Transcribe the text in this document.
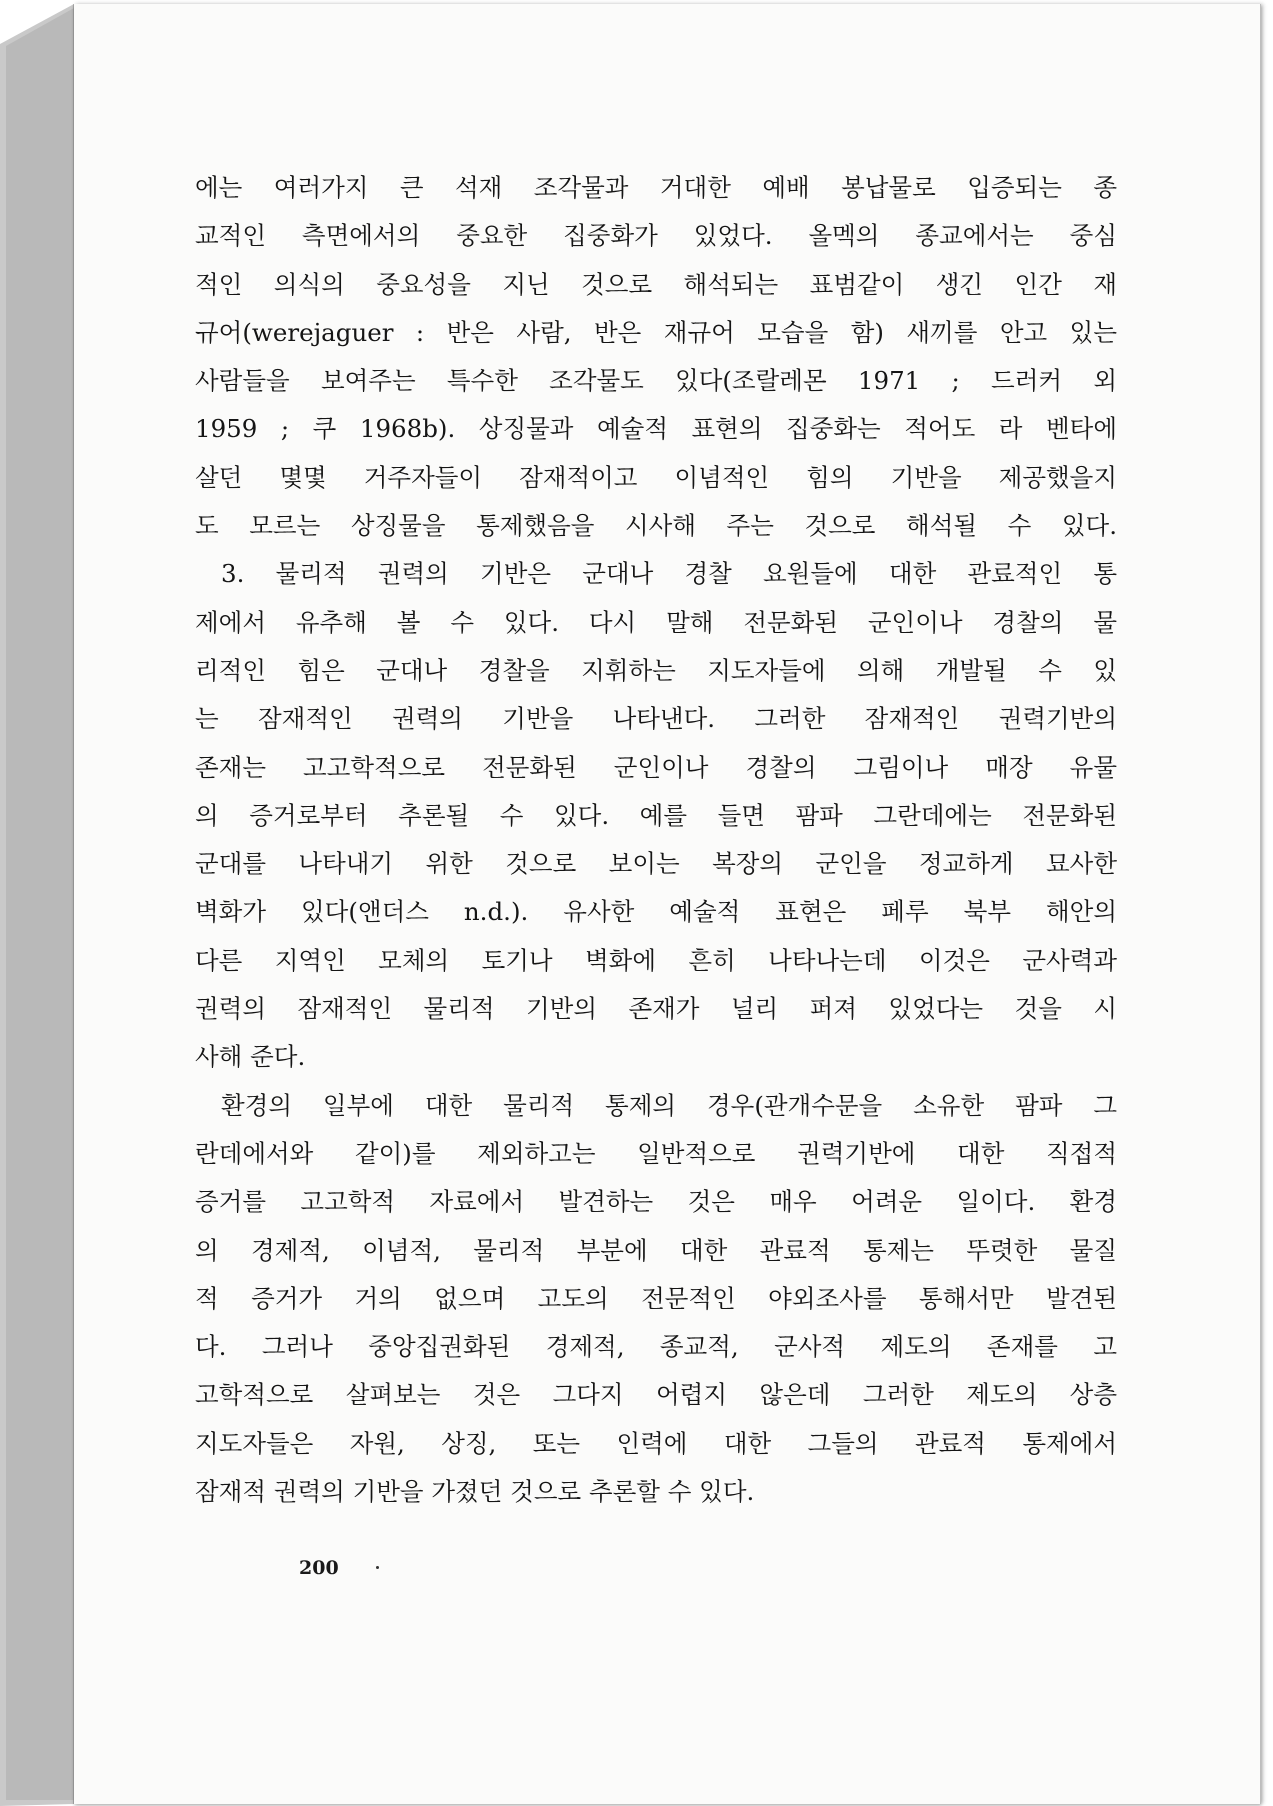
에는 여러가지 큰 석재 조각물과 거대한 예배 봉납물로 입증되는 종
교적인 측면에서의 중요한 집중화가 있었다. 올멕의 종교에서는 중심
적인 의식의 중요성을 지닌 것으로 해석되는 표범같이 생긴 인간 재
규어(werejaguer : 반은 사람, 반은 재규어 모습을 함) 새끼를 안고 있는
사람들을 보여주는 특수한 조각물도 있다(조랄레몬 1971 ; 드러커 외
1959 ; 쿠 1968b). 상징물과 예술적 표현의 집중화는 적어도 라 벤타에
살던 몇몇 거주자들이 잠재적이고 이념적인 힘의 기반을 제공했을지
도 모르는 상징물을 통제했음을 시사해 주는 것으로 해석될 수 있다.
3. 물리적 권력의 기반은 군대나 경찰 요원들에 대한 관료적인 통
제에서 유추해 볼 수 있다. 다시 말해 전문화된 군인이나 경찰의 물
리적인 힘은 군대나 경찰을 지휘하는 지도자들에 의해 개발될 수 있
는 잠재적인 권력의 기반을 나타낸다. 그러한 잠재적인 권력기반의
존재는 고고학적으로 전문화된 군인이나 경찰의 그림이나 매장 유물
의 증거로부터 추론될 수 있다. 예를 들면 팜파 그란데에는 전문화된
군대를 나타내기 위한 것으로 보이는 복장의 군인을 정교하게 묘사한
벽화가 있다(앤더스 n.d.). 유사한 예술적 표현은 페루 북부 해안의
다른 지역인 모체의 토기나 벽화에 흔히 나타나는데 이것은 군사력과
권력의 잠재적인 물리적 기반의 존재가 널리 퍼져 있었다는 것을 시
사해 준다.
환경의 일부에 대한 물리적 통제의 경우(관개수문을 소유한 팜파 그
란데에서와 같이)를 제외하고는 일반적으로 권력기반에 대한 직접적
증거를 고고학적 자료에서 발견하는 것은 매우 어려운 일이다. 환경
의 경제적, 이념적, 물리적 부분에 대한 관료적 통제는 뚜렷한 물질
적 증거가 거의 없으며 고도의 전문적인 야외조사를 통해서만 발견된
다. 그러나 중앙집권화된 경제적, 종교적, 군사적 제도의 존재를 고
고학적으로 살펴보는 것은 그다지 어렵지 않은데 그러한 제도의 상층
지도자들은 자원, 상징, 또는 인력에 대한 그들의 관료적 통제에서
잠재적 권력의 기반을 가졌던 것으로 추론할 수 있다.
200
